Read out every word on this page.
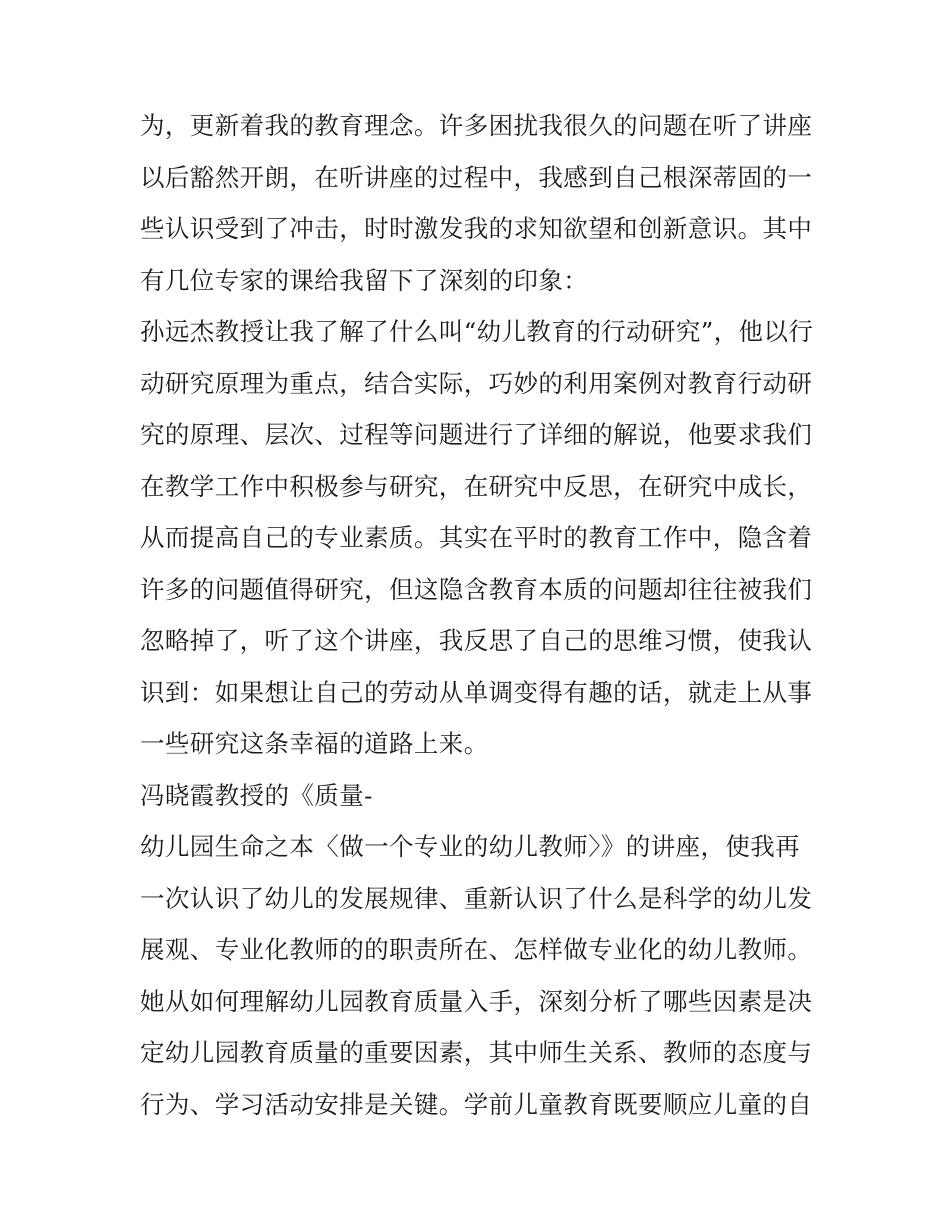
为，更新着我的教育理念。许多困扰我很久的问题在听了讲座
以后豁然开朗，在听讲座的过程中，我感到自己根深蒂固的一
些认识受到了冲击，时时激发我的求知欲望和创新意识。其中
有几位专家的课给我留下了深刻的印象：
孙远杰教授让我了解了什么叫“幼儿教育的行动研究”，他以行
动研究原理为重点，结合实际，巧妙的利用案例对教育行动研
究的原理、层次、过程等问题进行了详细的解说，他要求我们
在教学工作中积极参与研究，在研究中反思，在研究中成长，
从而提高自己的专业素质。其实在平时的教育工作中，隐含着
许多的问题值得研究，但这隐含教育本质的问题却往往被我们
忽略掉了，听了这个讲座，我反思了自己的思维习惯，使我认
识到：如果想让自己的劳动从单调变得有趣的话，就走上从事
一些研究这条幸福的道路上来。
冯晓霞教授的《质量-
幼儿园生命之本〈做一个专业的幼儿教师〉》的讲座，使我再
一次认识了幼儿的发展规律、重新认识了什么是科学的幼儿发
展观、专业化教师的的职责所在、怎样做专业化的幼儿教师。
她从如何理解幼儿园教育质量入手，深刻分析了哪些因素是决
定幼儿园教育质量的重要因素，其中师生关系、教师的态度与
行为、学习活动安排是关键。学前儿童教育既要顺应儿童的自
